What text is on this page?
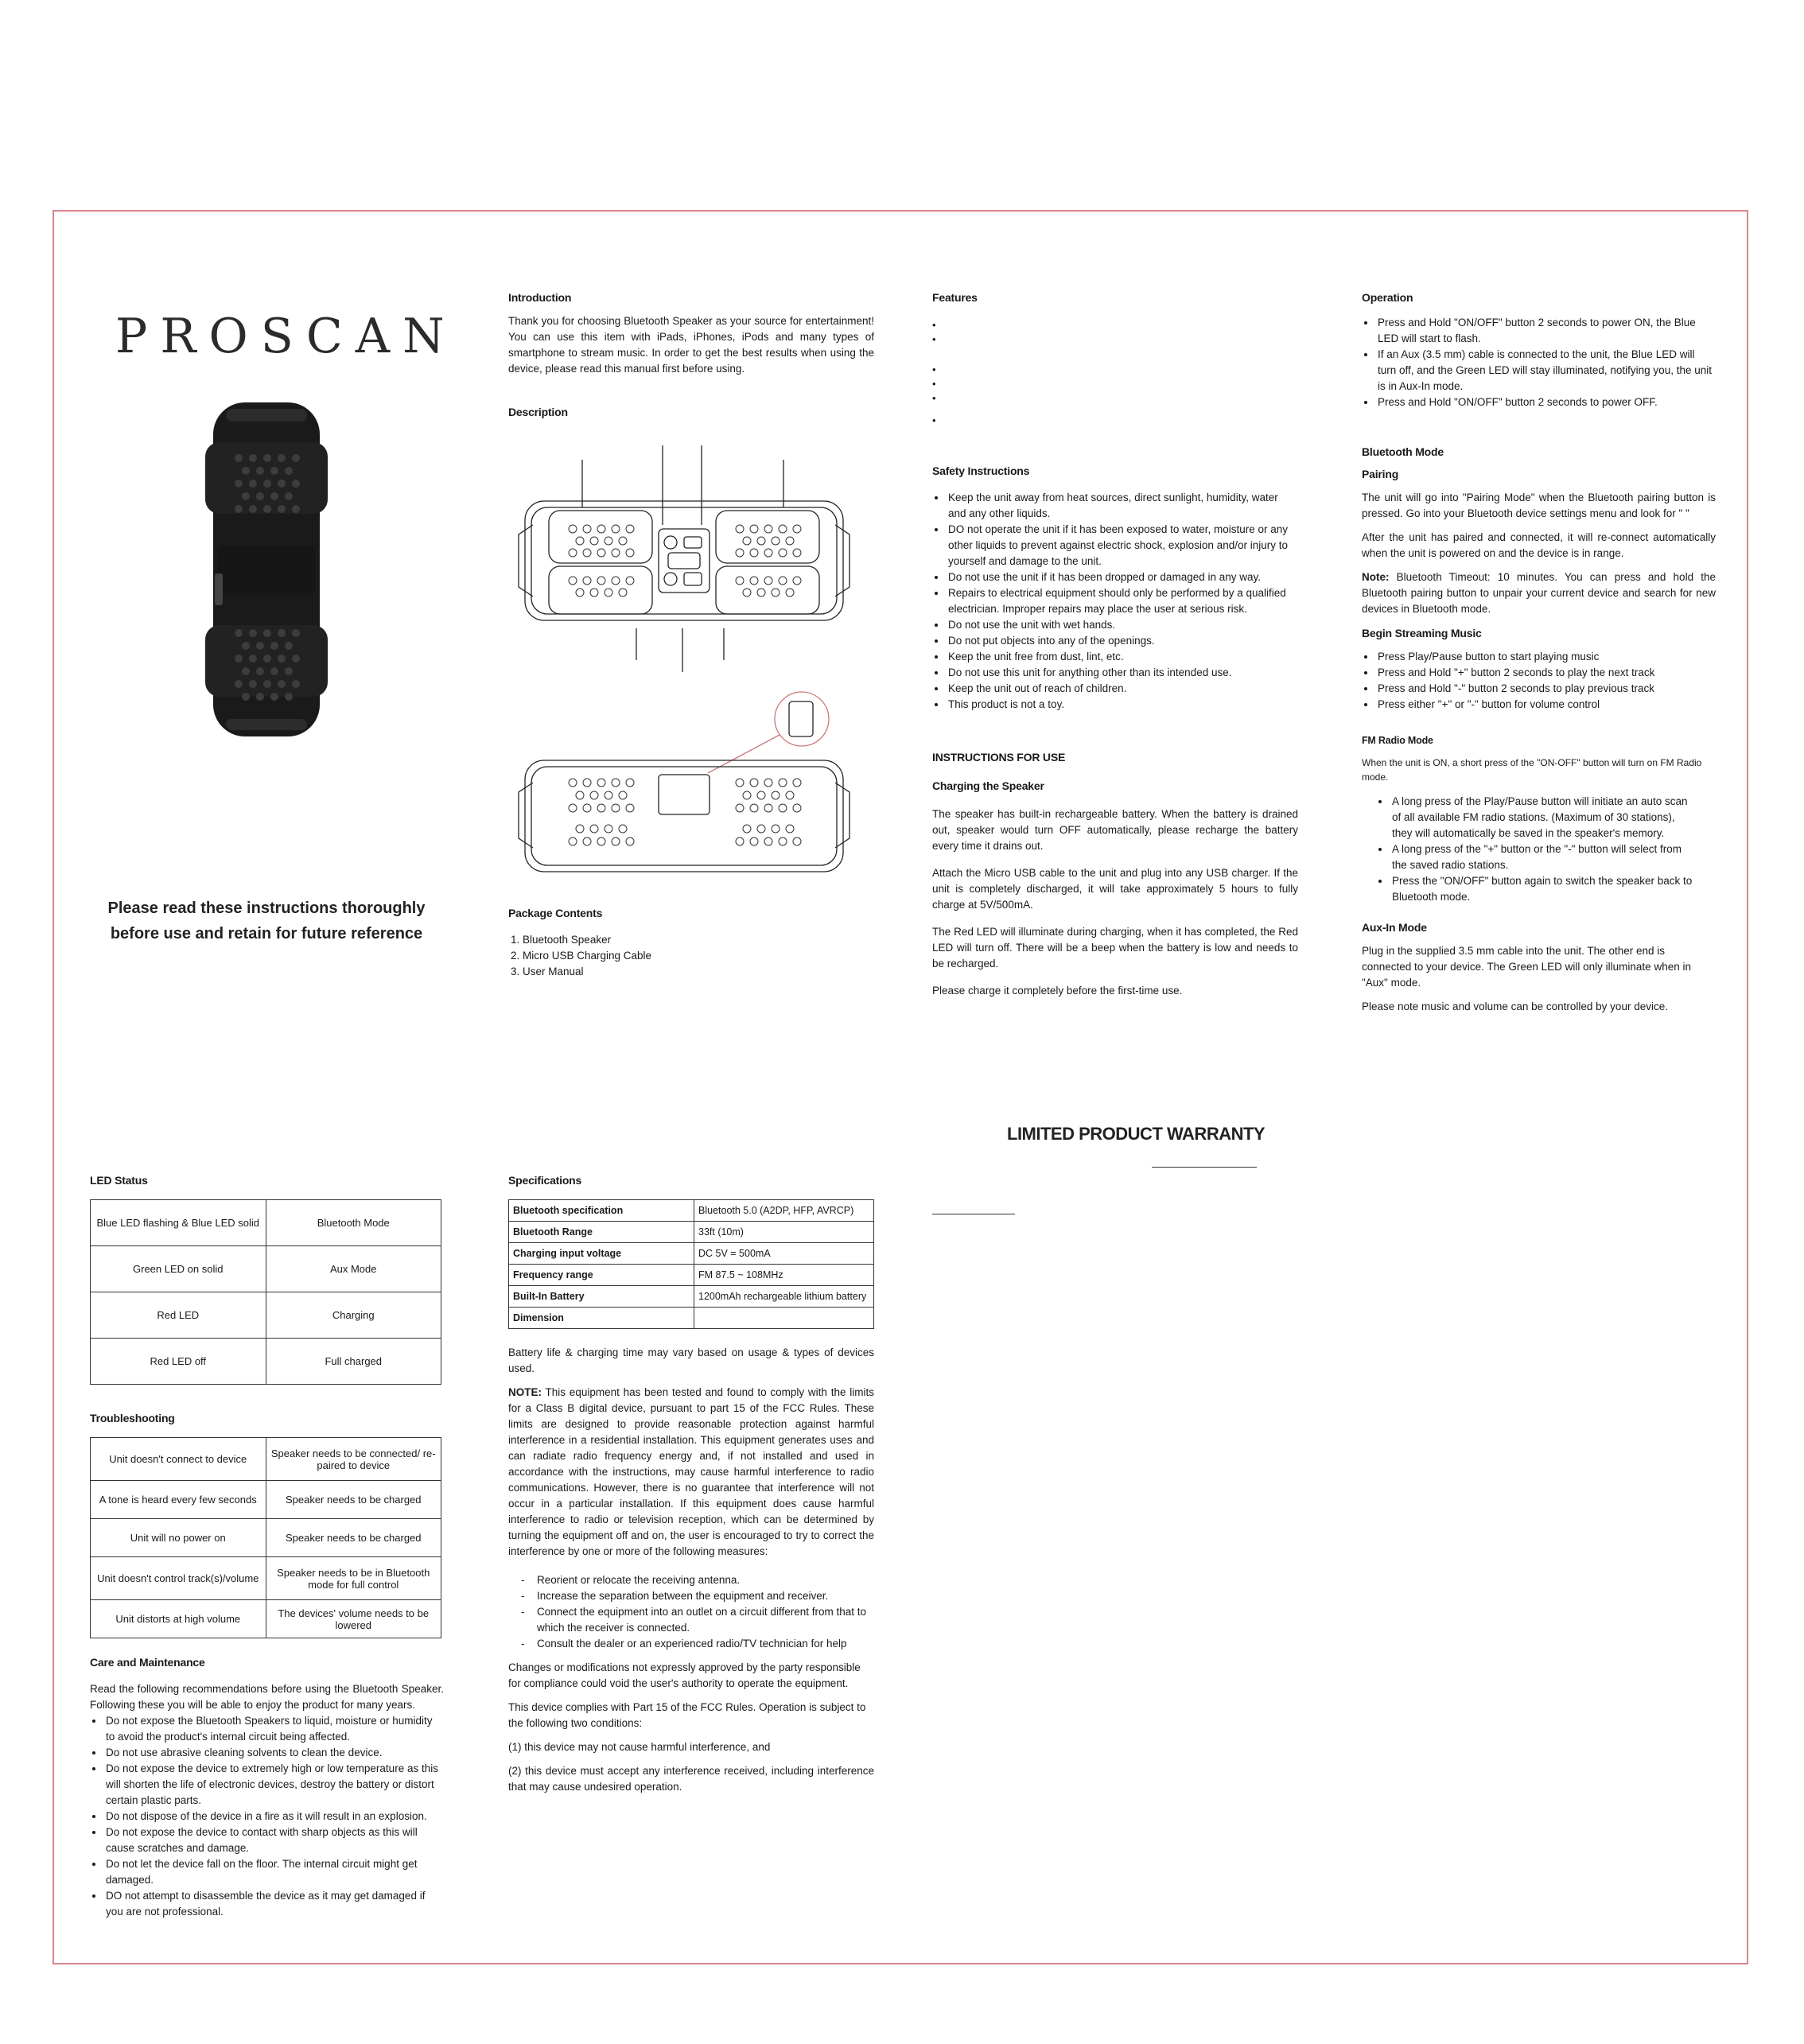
PROSCAN
Please read these instructions thoroughly
before use and retain for future reference
Introduction
Thank you for choosing Bluetooth Speaker as your source for entertainment! You can use this item with iPads, iPhones, iPods and many types of smartphone to stream music. In order to get the best results when using the device, please read this manual first before using.
Description
Package Contents
1. Bluetooth Speaker
2. Micro USB Charging Cable
3. User Manual
Features
•
•
•
•
•
•
Safety Instructions
• Keep the unit away from heat sources, direct sunlight, humidity, water and any other liquids.
• DO not operate the unit if it has been exposed to water, moisture or any other liquids to prevent against electric shock, explosion and/or injury to yourself and damage to the unit.
• Do not use the unit if it has been dropped or damaged in any way.
• Repairs to electrical equipment should only be performed by a qualified electrician. Improper repairs may place the user at serious risk.
• Do not use the unit with wet hands.
• Do not put objects into any of the openings.
• Keep the unit free from dust, lint, etc.
• Do not use this unit for anything other than its intended use.
• Keep the unit out of reach of children.
• This product is not a toy.
INSTRUCTIONS FOR USE
Charging the Speaker
The speaker has built-in rechargeable battery. When the battery is drained out, speaker would turn OFF automatically, please recharge the battery every time it drains out.
Attach the Micro USB cable to the unit and plug into any USB charger. If the unit is completely discharged, it will take approximately 5 hours to fully charge at 5V/500mA.
The Red LED will illuminate during charging, when it has completed, the Red LED will turn off. There will be a beep when the battery is low and needs to be recharged.
Please charge it completely before the first-time use.
Operation
• Press and Hold "ON/OFF" button 2 seconds to power ON, the Blue LED will start to flash.
• If an Aux (3.5 mm) cable is connected to the unit, the Blue LED will turn off, and the Green LED will stay illuminated, notifying you, the unit is in Aux-In mode.
• Press and Hold "ON/OFF" button 2 seconds to power OFF.
Bluetooth Mode
Pairing
The unit will go into "Pairing Mode" when the Bluetooth pairing button is pressed. Go into your Bluetooth device settings menu and look for " "
After the unit has paired and connected, it will re-connect automatically when the unit is powered on and the device is in range.
Note: Bluetooth Timeout: 10 minutes. You can press and hold the Bluetooth pairing button to unpair your current device and search for new devices in Bluetooth mode.
Begin Streaming Music
• Press Play/Pause button to start playing music
• Press and Hold "+" button 2 seconds to play the next track
• Press and Hold "-" button 2 seconds to play previous track
• Press either "+" or "-" button for volume control
FM Radio Mode
When the unit is ON, a short press of the "ON-OFF" button will turn on FM Radio mode.
• A long press of the Play/Pause button will initiate an auto scan of all available FM radio stations. (Maximum of 30 stations), they will automatically be saved in the speaker's memory.
• A long press of the "+" button or the "-" button will select from the saved radio stations.
• Press the "ON/OFF" button again to switch the speaker back to Bluetooth mode.
Aux-In Mode
Plug in the supplied 3.5 mm cable into the unit. The other end is connected to your device. The Green LED will only illuminate when in "Aux" mode.
Please note music and volume can be controlled by your device.
LED Status
Blue LED flashing & Blue LED solid	Bluetooth Mode
Green LED on solid	Aux Mode
Red LED	Charging
Red LED off	Full charged
Troubleshooting
Unit doesn't connect to device	Speaker needs to be connected/ re-paired to device
A tone is heard every few seconds	Speaker needs to be charged
Unit will no power on	Speaker needs to be charged
Unit doesn't control track(s)/volume	Speaker needs to be in Bluetooth mode for full control
Unit distorts at high volume	The devices' volume needs to be lowered
Care and Maintenance
Read the following recommendations before using the Bluetooth Speaker. Following these you will be able to enjoy the product for many years.
• Do not expose the Bluetooth Speakers to liquid, moisture or humidity to avoid the product's internal circuit being affected.
• Do not use abrasive cleaning solvents to clean the device.
• Do not expose the device to extremely high or low temperature as this will shorten the life of electronic devices, destroy the battery or distort certain plastic parts.
• Do not dispose of the device in a fire as it will result in an explosion.
• Do not expose the device to contact with sharp objects as this will cause scratches and damage.
• Do not let the device fall on the floor. The internal circuit might get damaged.
• DO not attempt to disassemble the device as it may get damaged if you are not professional.
Specifications
Bluetooth specification	Bluetooth 5.0 (A2DP, HFP, AVRCP)
Bluetooth Range	33ft (10m)
Charging input voltage	DC 5V = 500mA
Frequency range	FM 87.5 ~ 108MHz
Built-In Battery	1200mAh rechargeable lithium battery
Dimension	
Battery life & charging time may vary based on usage & types of devices used.
NOTE: This equipment has been tested and found to comply with the limits for a Class B digital device, pursuant to part 15 of the FCC Rules. These limits are designed to provide reasonable protection against harmful interference in a residential installation. This equipment generates uses and can radiate radio frequency energy and, if not installed and used in accordance with the instructions, may cause harmful interference to radio communications. However, there is no guarantee that interference will not occur in a particular installation. If this equipment does cause harmful interference to radio or television reception, which can be determined by turning the equipment off and on, the user is encouraged to try to correct the interference by one or more of the following measures:
- Reorient or relocate the receiving antenna.
- Increase the separation between the equipment and receiver.
- Connect the equipment into an outlet on a circuit different from that to which the receiver is connected.
- Consult the dealer or an experienced radio/TV technician for help
Changes or modifications not expressly approved by the party responsible for compliance could void the user's authority to operate the equipment.
This device complies with Part 15 of the FCC Rules. Operation is subject to the following two conditions:
(1) this device may not cause harmful interference, and
(2) this device must accept any interference received, including interference that may cause undesired operation.
LIMITED PRODUCT WARRANTY
